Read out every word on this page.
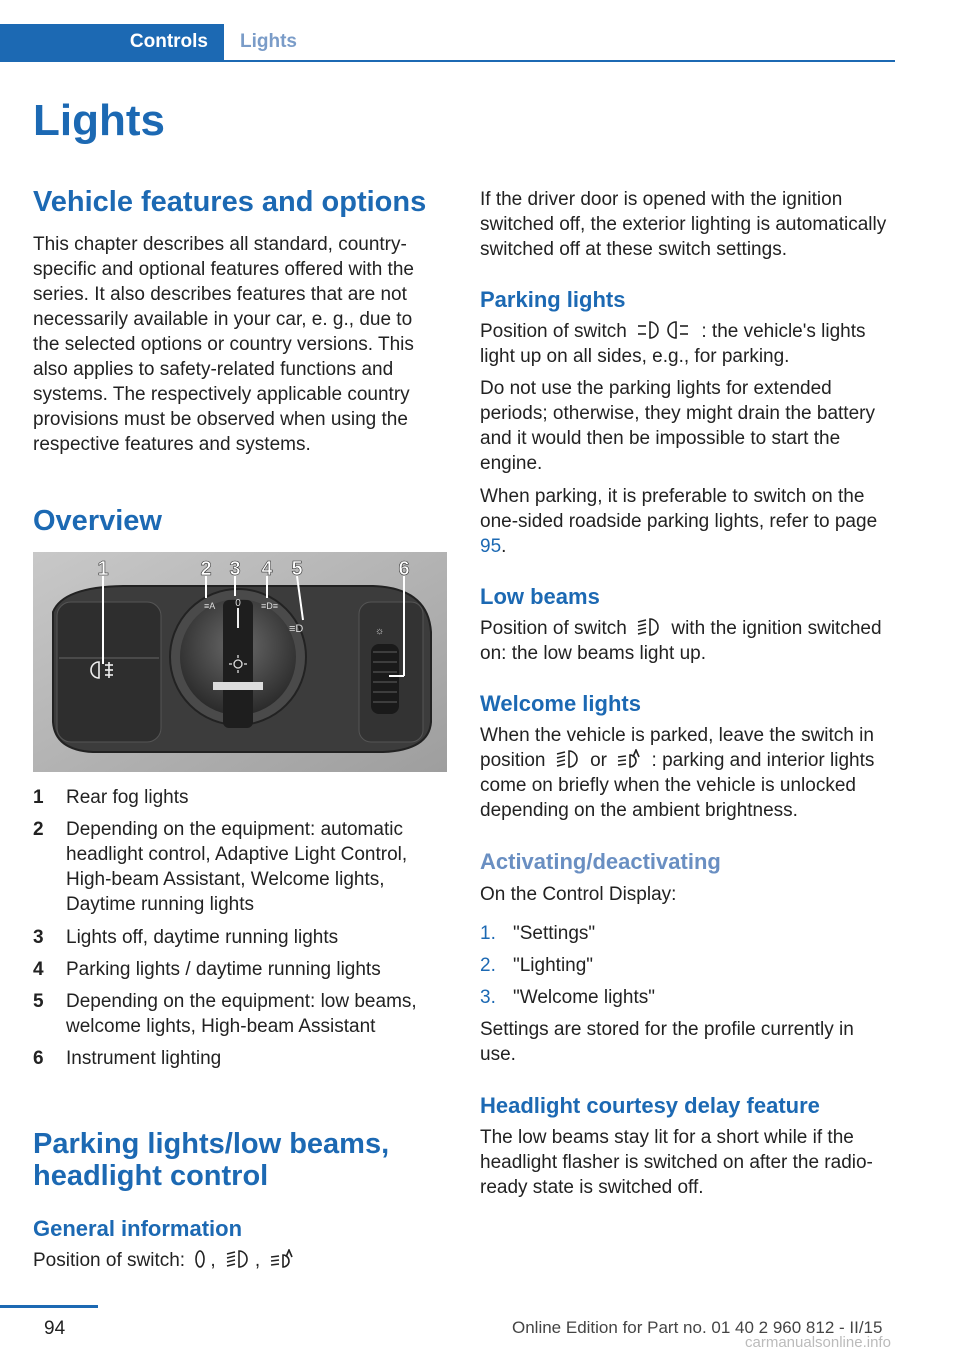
Controls	Lights
Lights
Vehicle features and options

This chapter describes all standard, country-specific and optional features offered with the series. It also describes features that are not necessarily available in your car, e. g., due to the selected options or country versions. This also applies to safety-related functions and systems. The respectively applicable country provisions must be observed when using the respective features and systems.

Overview
0
≡A	≡D≡
≡D	☼
1	2 3 4 5	6
1 Rear fog lights
2 Depending on the equipment: automatic headlight control, Adaptive Light Control, High-beam Assistant, Welcome lights, Daytime running lights
3 Lights off, daytime running lights
4 Parking lights / daytime running lights
5 Depending on the equipment: low beams, welcome lights, High-beam Assistant
6 Instrument lighting
Parking lights/low beams, headlight control
General information

Position of switch: , ,

If the driver door is opened with the ignition switched off, the exterior lighting is automatically switched off at these switch settings.

Parking lights

Position of switch	: the vehicle's lights light up on all sides, e.g., for parking.

Do not use the parking lights for extended periods; otherwise, they might drain the battery and it would then be impossible to start the engine.

When parking, it is preferable to switch on the one-sided roadside parking lights, refer to page 95.

Low beams

Position of switch with the ignition switched on: the low beams light up.

Welcome lights

When the vehicle is parked, leave the switch in position or : parking and interior lights come on briefly when the vehicle is unlocked depending on the ambient brightness.

Activating/deactivating

On the Control Display:

1. "Settings"
2. "Lighting"
3. "Welcome lights"

Settings are stored for the profile currently in use.

Headlight courtesy delay feature

The low beams stay lit for a short while if the headlight flasher is switched on after the radio-ready state is switched off.

94	Online Edition for Part no. 01 40 2 960 812 - II/15
carmanualsonline.info
